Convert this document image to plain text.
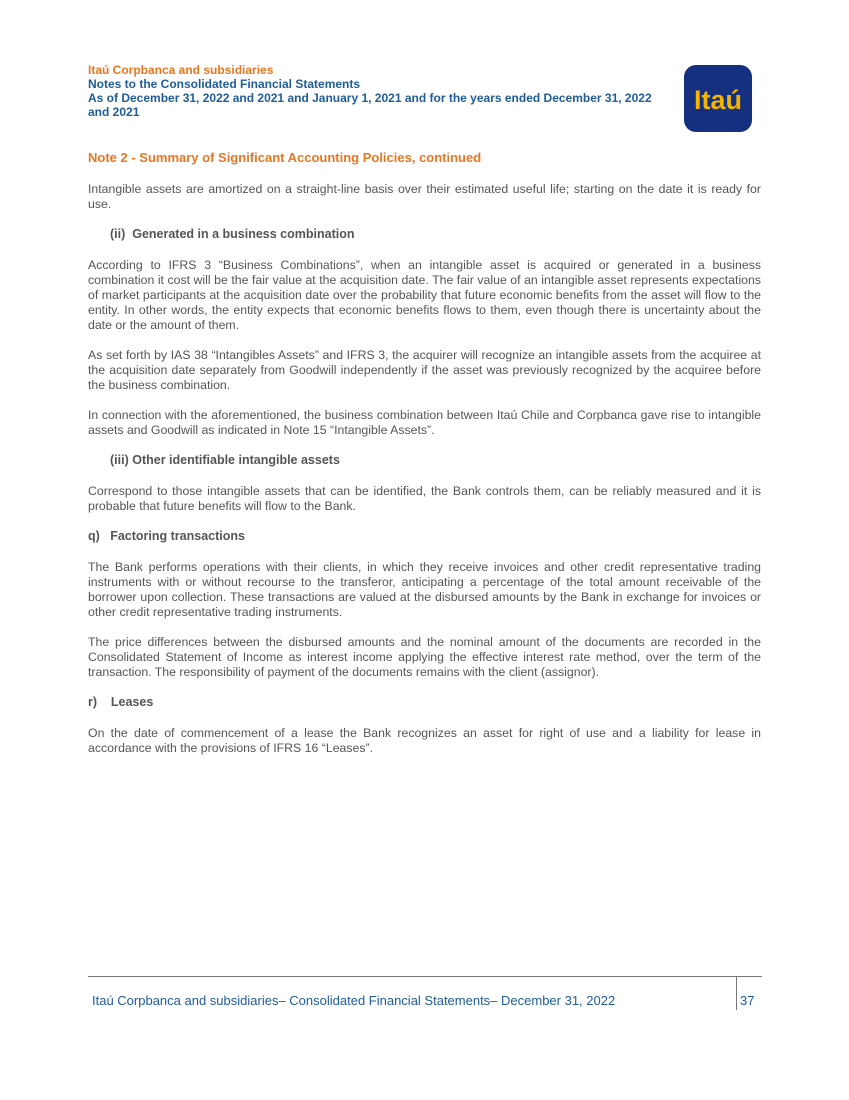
Itaú Corpbanca and subsidiaries
Notes to the Consolidated Financial Statements
As of December 31, 2022 and 2021 and January 1, 2021 and for the years ended December 31, 2022
and 2021	Itaú
Note 2 - Summary of Significant Accounting Policies, continued

Intangible assets are amortized on a straight-line basis over their estimated useful life; starting on the date it is ready for use.

(ii)  Generated in a business combination

According to IFRS 3 “Business Combinations”, when an intangible asset is acquired or generated in a business combination it cost will be the fair value at the acquisition date. The fair value of an intangible asset represents expectations of market participants at the acquisition date over the probability that future economic benefits from the asset will flow to the entity. In other words, the entity expects that economic benefits flows to them, even though there is uncertainty about the date or the amount of them.

As set forth by IAS 38 “Intangibles Assets” and IFRS 3, the acquirer will recognize an intangible assets from the acquiree at the acquisition date separately from Goodwill independently if the asset was previously recognized by the acquiree before the business combination.

In connection with the aforementioned, the business combination between Itaú Chile and Corpbanca gave rise to intangible assets and Goodwill as indicated in Note 15 “Intangible Assets”.

(iii) Other identifiable intangible assets

Correspond to those intangible assets that can be identified, the Bank controls them, can be reliably measured and it is probable that future benefits will flow to the Bank.

q)   Factoring transactions

The Bank performs operations with their clients, in which they receive invoices and other credit representative trading instruments with or without recourse to the transferor, anticipating a percentage of the total amount receivable of the borrower upon collection. These transactions are valued at the disbursed amounts by the Bank in exchange for invoices or other credit representative trading instruments.

The price differences between the disbursed amounts and the nominal amount of the documents are recorded in the Consolidated Statement of Income as interest income applying the effective interest rate method, over the term of the transaction. The responsibility of payment of the documents remains with the client (assignor).

r)    Leases

On the date of commencement of a lease the Bank recognizes an asset for right of use and a liability for lease in accordance with the provisions of IFRS 16 “Leases”.

Itaú Corpbanca and subsidiaries– Consolidated Financial Statements– December 31, 2022	37
